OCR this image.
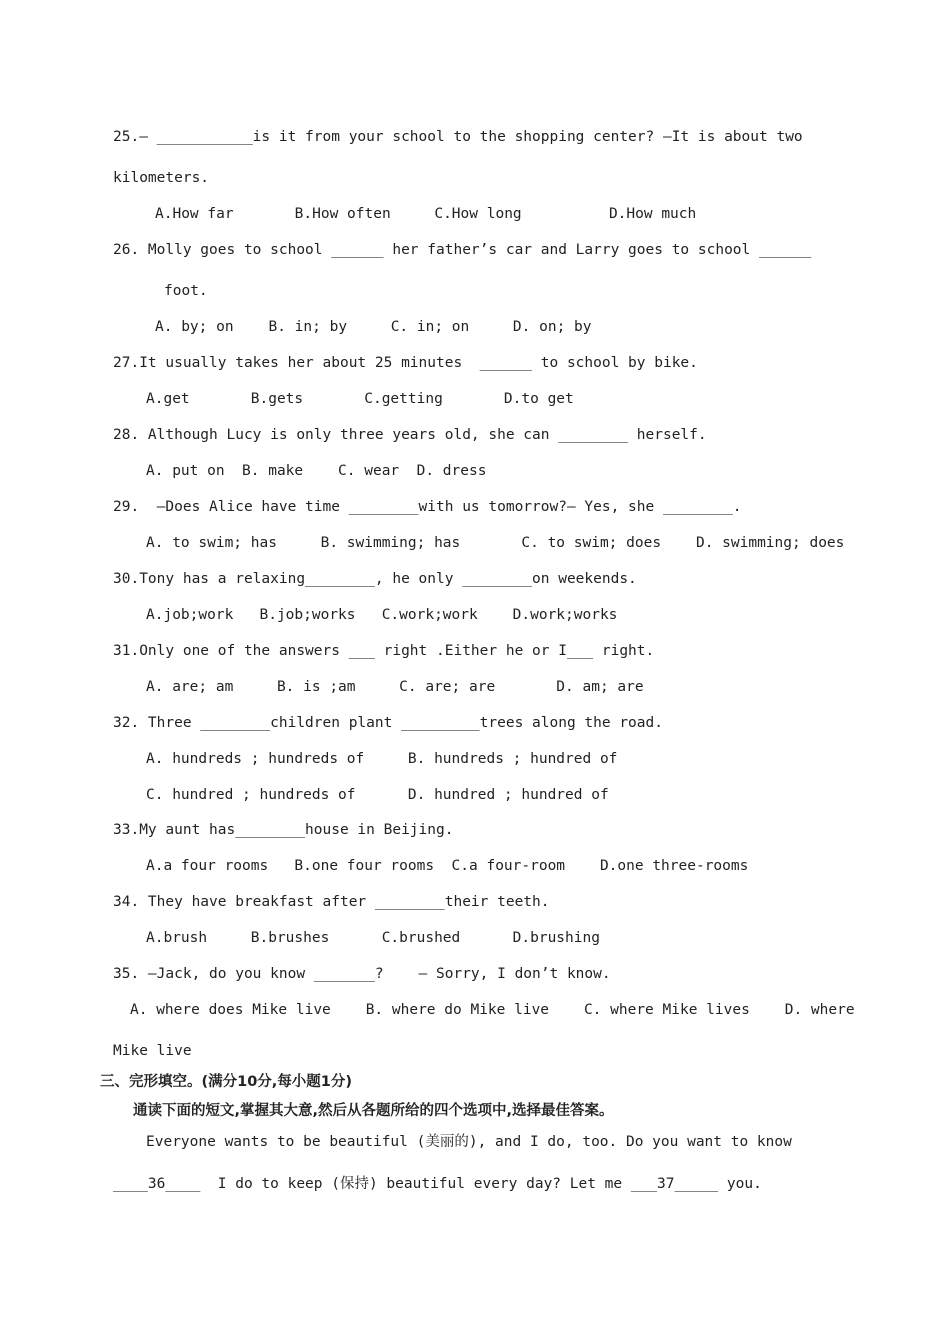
25.— ___________is it from your school to the shopping center? —It is about two
kilometers.
A.How far       B.How often     C.How long          D.How much
26. Molly goes to school ______ her father’s car and Larry goes to school ______
foot.
A. by; on    B. in; by     C. in; on     D. on; by
27.It usually takes her about 25 minutes  ______ to school by bike.
A.get       B.gets       C.getting       D.to get
28. Although Lucy is only three years old, she can ________ herself.
A. put on  B. make    C. wear  D. dress
29.  —Does Alice have time ________with us tomorrow?— Yes, she ________.
A. to swim; has     B. swimming; has       C. to swim; does    D. swimming; does
30.Tony has a relaxing________, he only ________on weekends.
A.job;work   B.job;works   C.work;work    D.work;works
31.Only one of the answers ___ right .Either he or I___ right.
A. are; am     B. is ;am     C. are; are       D. am; are
32. Three ________children plant _________trees along the road.
A. hundreds ; hundreds of     B. hundreds ; hundred of
C. hundred ; hundreds of      D. hundred ; hundred of
33.My aunt has________house in Beijing.
A.a four rooms   B.one four rooms  C.a four-room    D.one three-rooms
34. They have breakfast after ________their teeth.
A.brush     B.brushes      C.brushed      D.brushing
35. —Jack, do you know _______?    — Sorry, I don’t know.
A. where does Mike live    B. where do Mike live    C. where Mike lives    D. where
Mike live
三、完形填空。(满分10分,每小题1分)
通读下面的短文,掌握其大意,然后从各题所给的四个选项中,选择最佳答案。
Everyone wants to be beautiful (美丽的), and I do, too. Do you want to know
____36____  I do to keep (保持) beautiful every day? Let me ___37_____ you.
